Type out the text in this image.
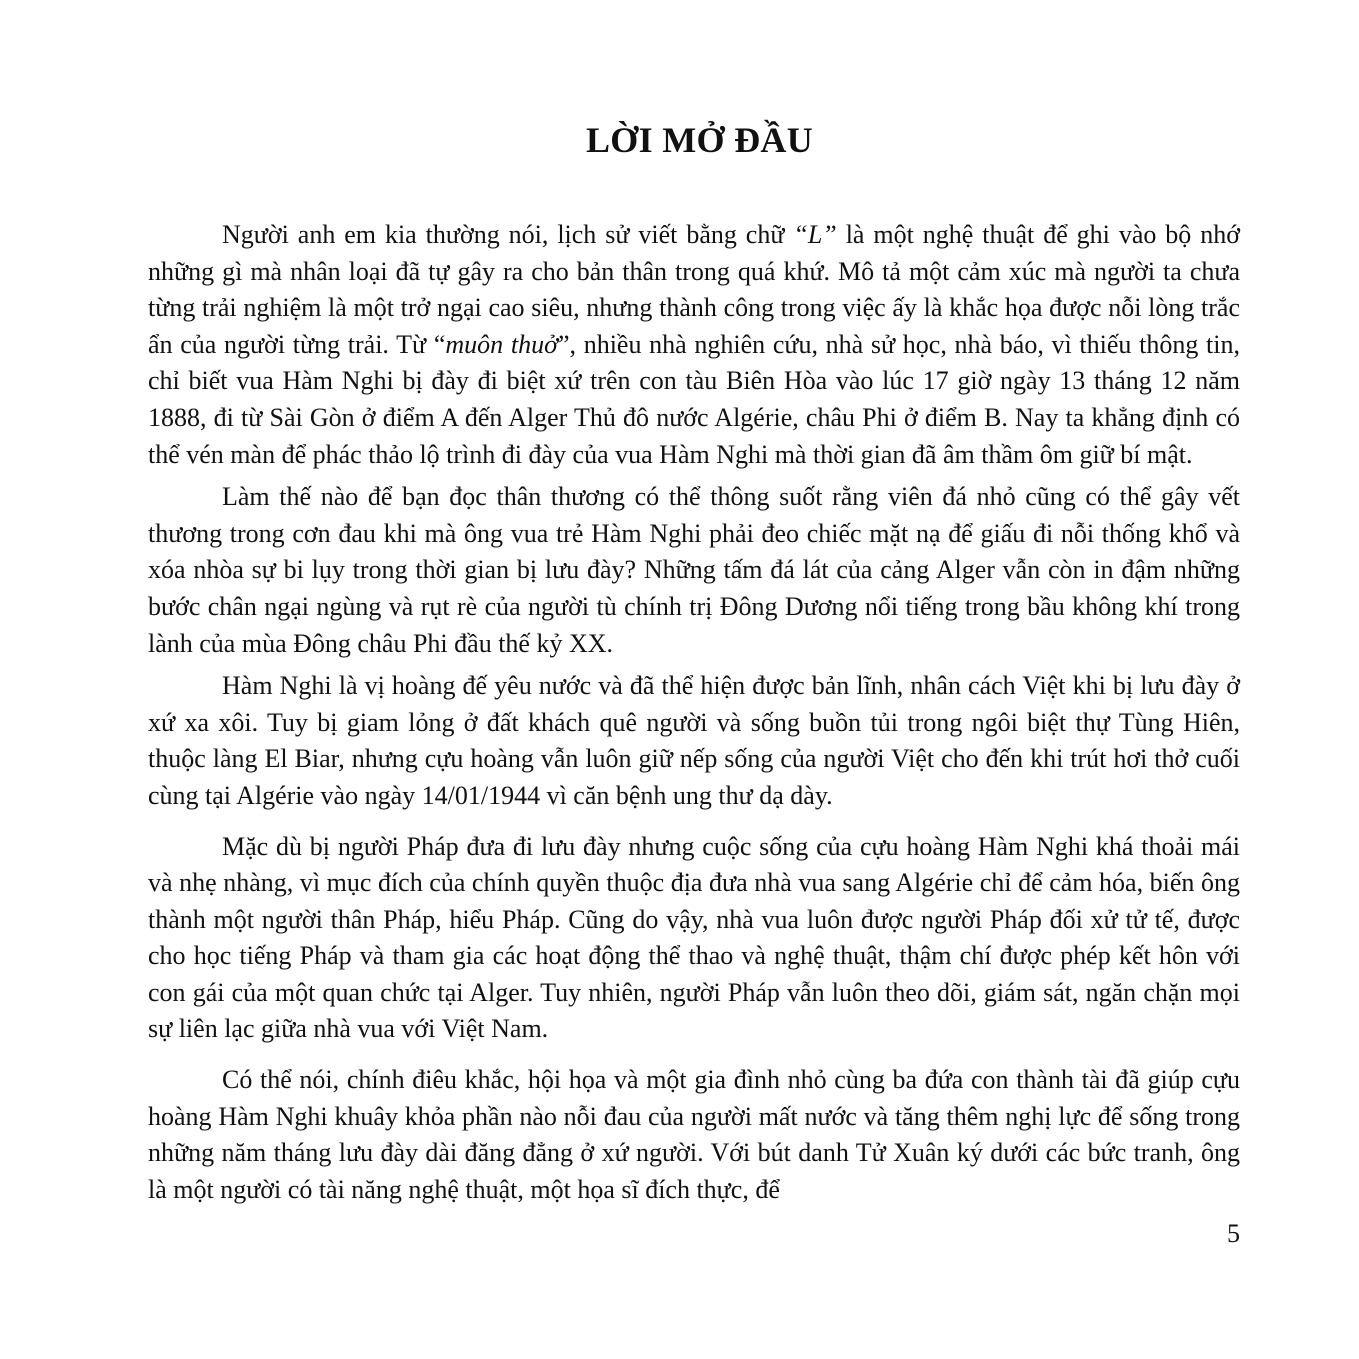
LỜI MỞ ĐẦU

Người anh em kia thường nói, lịch sử viết bằng chữ “L” là một nghệ thuật để ghi vào bộ nhớ những gì mà nhân loại đã tự gây ra cho bản thân trong quá khứ. Mô tả một cảm xúc mà người ta chưa từng trải nghiệm là một trở ngại cao siêu, nhưng thành công trong việc ấy là khắc họa được nỗi lòng trắc ẩn của người từng trải. Từ “muôn thuở”, nhiều nhà nghiên cứu, nhà sử học, nhà báo, vì thiếu thông tin, chỉ biết vua Hàm Nghi bị đày đi biệt xứ trên con tàu Biên Hòa vào lúc 17 giờ ngày 13 tháng 12 năm 1888, đi từ Sài Gòn ở điểm A đến Alger Thủ đô nước Algérie, châu Phi ở điểm B. Nay ta khẳng định có thể vén màn để phác thảo lộ trình đi đày của vua Hàm Nghi mà thời gian đã âm thầm ôm giữ bí mật.

Làm thế nào để bạn đọc thân thương có thể thông suốt rằng viên đá nhỏ cũng có thể gây vết thương trong cơn đau khi mà ông vua trẻ Hàm Nghi phải đeo chiếc mặt nạ để giấu đi nỗi thống khổ và xóa nhòa sự bi lụy trong thời gian bị lưu đày? Những tấm đá lát của cảng Alger vẫn còn in đậm những bước chân ngại ngùng và rụt rè của người tù chính trị Đông Dương nổi tiếng trong bầu không khí trong lành của mùa Đông châu Phi đầu thế kỷ XX.

Hàm Nghi là vị hoàng đế yêu nước và đã thể hiện được bản lĩnh, nhân cách Việt khi bị lưu đày ở xứ xa xôi. Tuy bị giam lỏng ở đất khách quê người và sống buồn tủi trong ngôi biệt thự Tùng Hiên, thuộc làng El Biar, nhưng cựu hoàng vẫn luôn giữ nếp sống của người Việt cho đến khi trút hơi thở cuối cùng tại Algérie vào ngày 14/01/1944 vì căn bệnh ung thư dạ dày.

Mặc dù bị người Pháp đưa đi lưu đày nhưng cuộc sống của cựu hoàng Hàm Nghi khá thoải mái và nhẹ nhàng, vì mục đích của chính quyền thuộc địa đưa nhà vua sang Algérie chỉ để cảm hóa, biến ông thành một người thân Pháp, hiểu Pháp. Cũng do vậy, nhà vua luôn được người Pháp đối xử tử tế, được cho học tiếng Pháp và tham gia các hoạt động thể thao và nghệ thuật, thậm chí được phép kết hôn với con gái của một quan chức tại Alger. Tuy nhiên, người Pháp vẫn luôn theo dõi, giám sát, ngăn chặn mọi sự liên lạc giữa nhà vua với Việt Nam.

Có thể nói, chính điêu khắc, hội họa và một gia đình nhỏ cùng ba đứa con thành tài đã giúp cựu hoàng Hàm Nghi khuây khỏa phần nào nỗi đau của người mất nước và tăng thêm nghị lực để sống trong những năm tháng lưu đày dài đăng đẳng ở xứ người. Với bút danh Tử Xuân ký dưới các bức tranh, ông là một người có tài năng nghệ thuật, một họa sĩ đích thực, để

5
